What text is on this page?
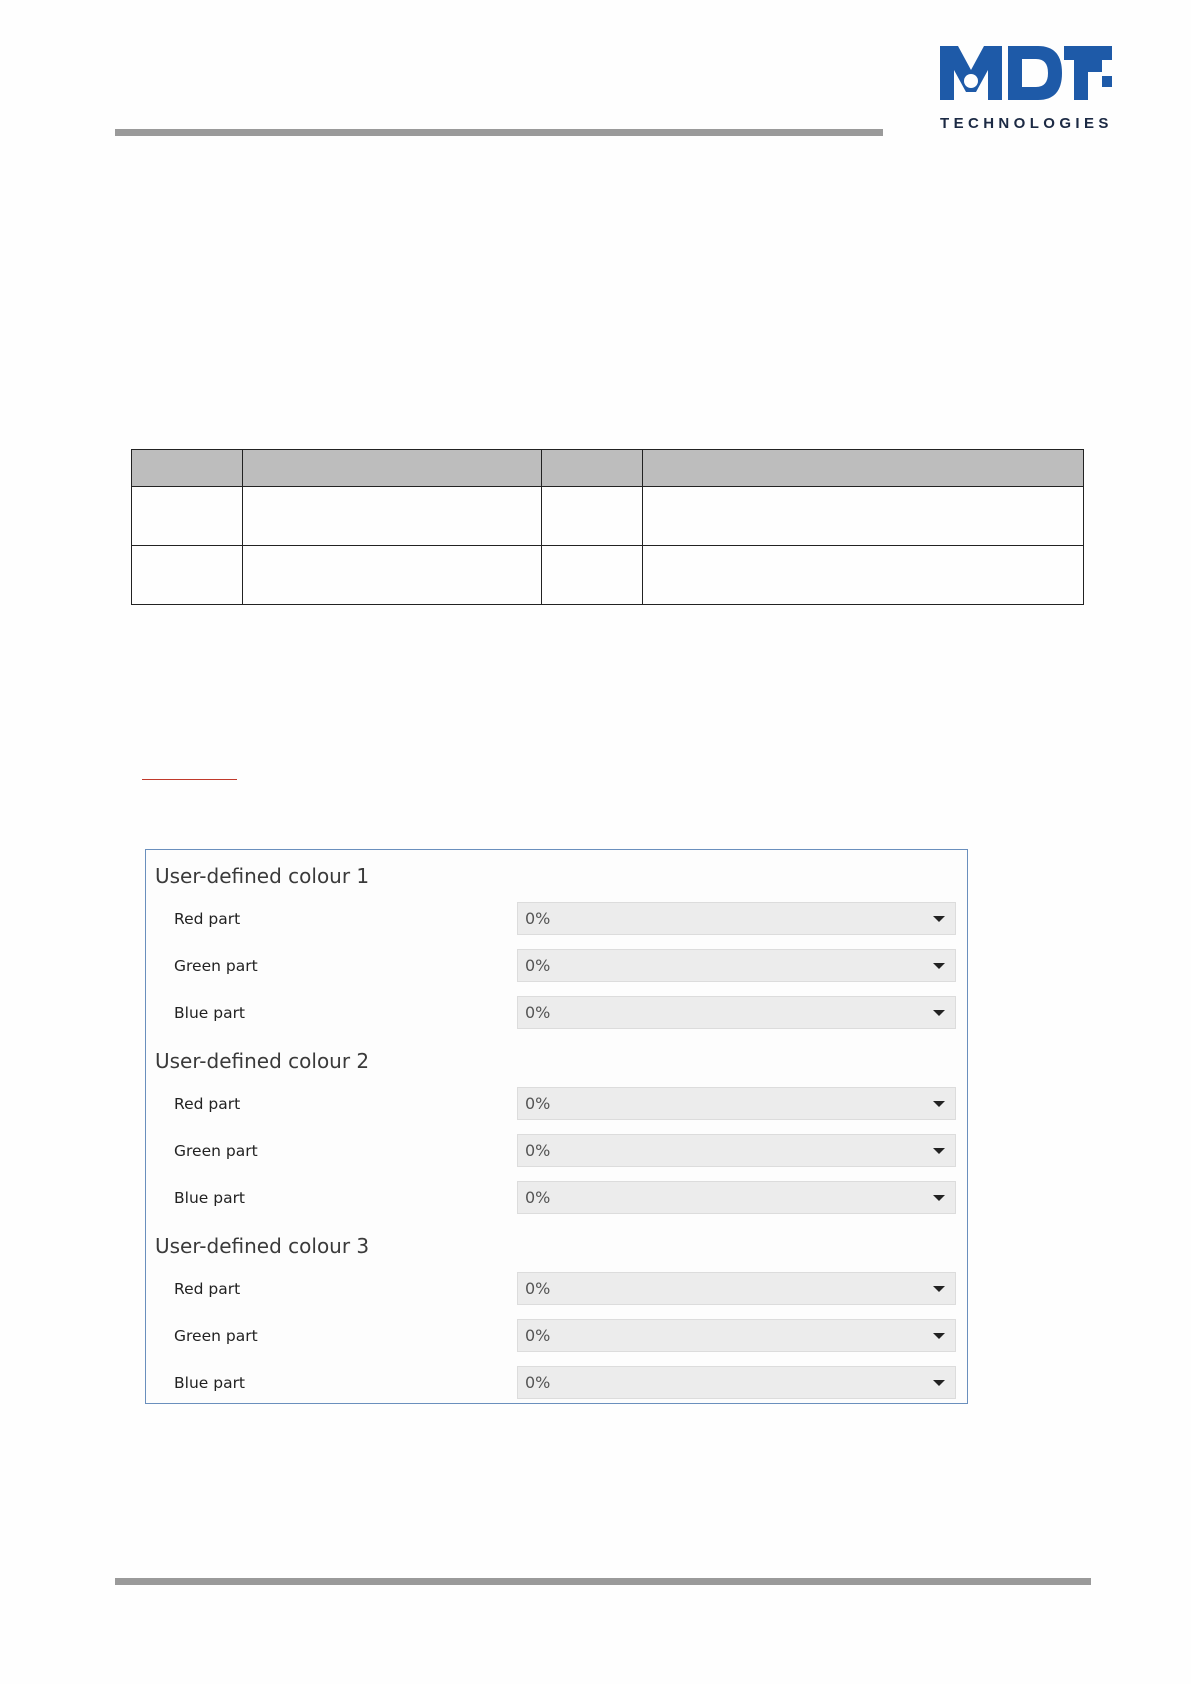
TECHNOLOGIES

User-defined colour 1
Red part	0%
Green part	0%
Blue part	0%
User-defined colour 2
Red part	0%
Green part	0%
Blue part	0%
User-defined colour 3
Red part	0%
Green part	0%
Blue part	0%
